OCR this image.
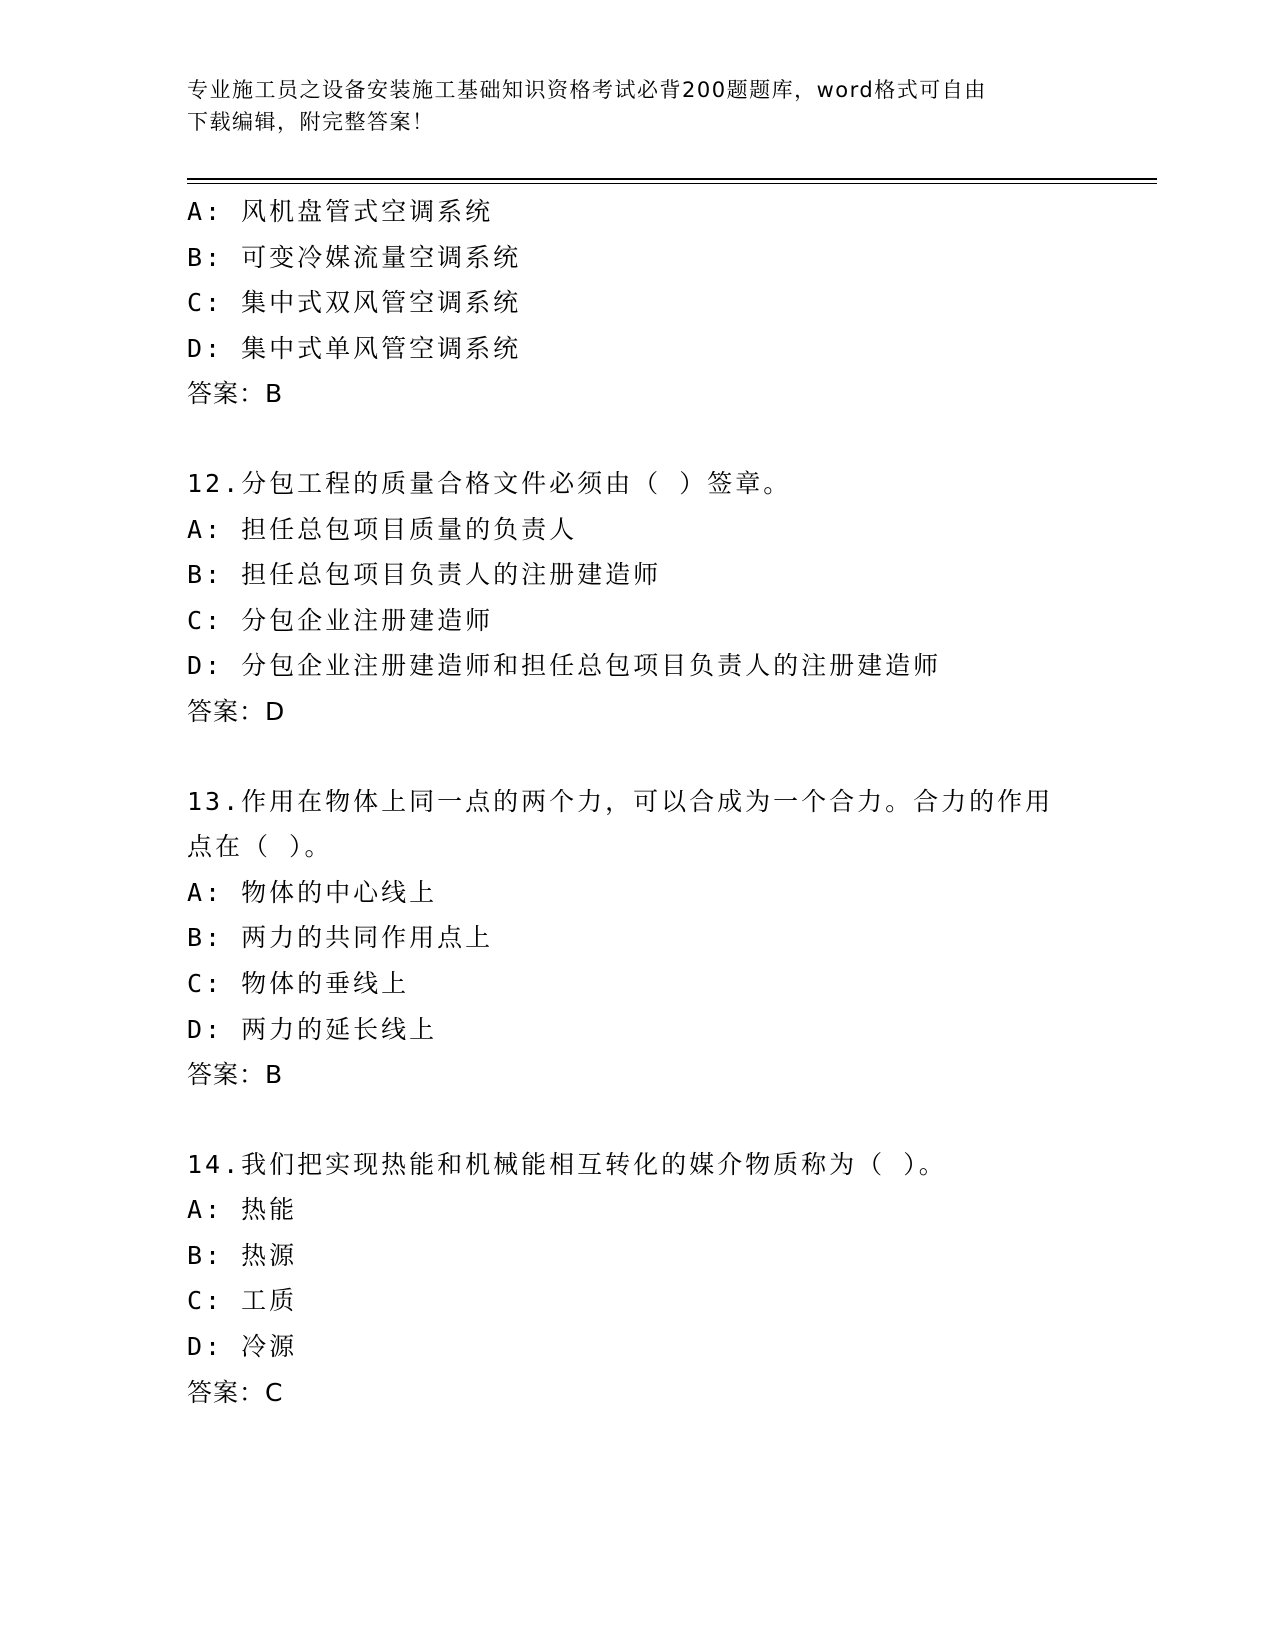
专业施工员之设备安装施工基础知识资格考试必背200题题库，word格式可自由
下载编辑，附完整答案！
A: 风机盘管式空调系统
B: 可变冷媒流量空调系统
C: 集中式双风管空调系统
D: 集中式单风管空调系统
答案：B
12.分包工程的质量合格文件必须由（ ）签章。
A: 担任总包项目质量的负责人
B: 担任总包项目负责人的注册建造师
C: 分包企业注册建造师
D: 分包企业注册建造师和担任总包项目负责人的注册建造师
答案：D
13.作用在物体上同一点的两个力，可以合成为一个合力。合力的作用
点在（ ）。
A: 物体的中心线上
B: 两力的共同作用点上
C: 物体的垂线上
D: 两力的延长线上
答案：B
14.我们把实现热能和机械能相互转化的媒介物质称为（ ）。
A: 热能
B: 热源
C: 工质
D: 冷源
答案：C
